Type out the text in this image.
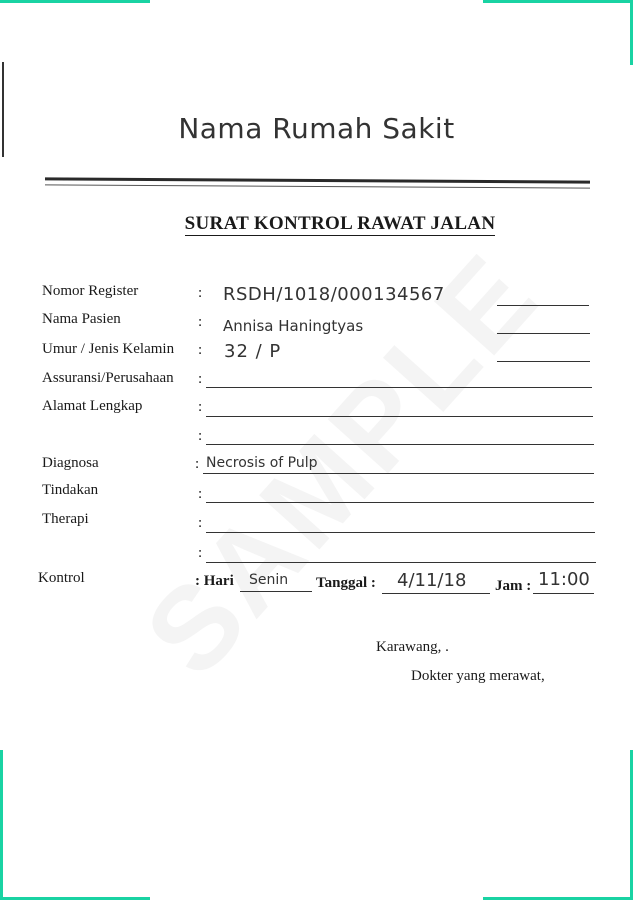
Nama Rumah Sakit
SURAT KONTROL RAWAT JALAN
Nomor Register	: RSDH/1018/000134567
Nama Pasien	: Annisa Haningtyas
Umur / Jenis Kelamin : 32 / P
Assuransi/Perusahaan :
Alamat Lengkap	:
:
Diagnosa	: Necrosis of Pulp
Tindakan	:
Therapi	:
:
Kontrol	: Hari Senin Tanggal : 4/11/18 Jam : 11:00
Karawang, .
Dokter yang merawat,
